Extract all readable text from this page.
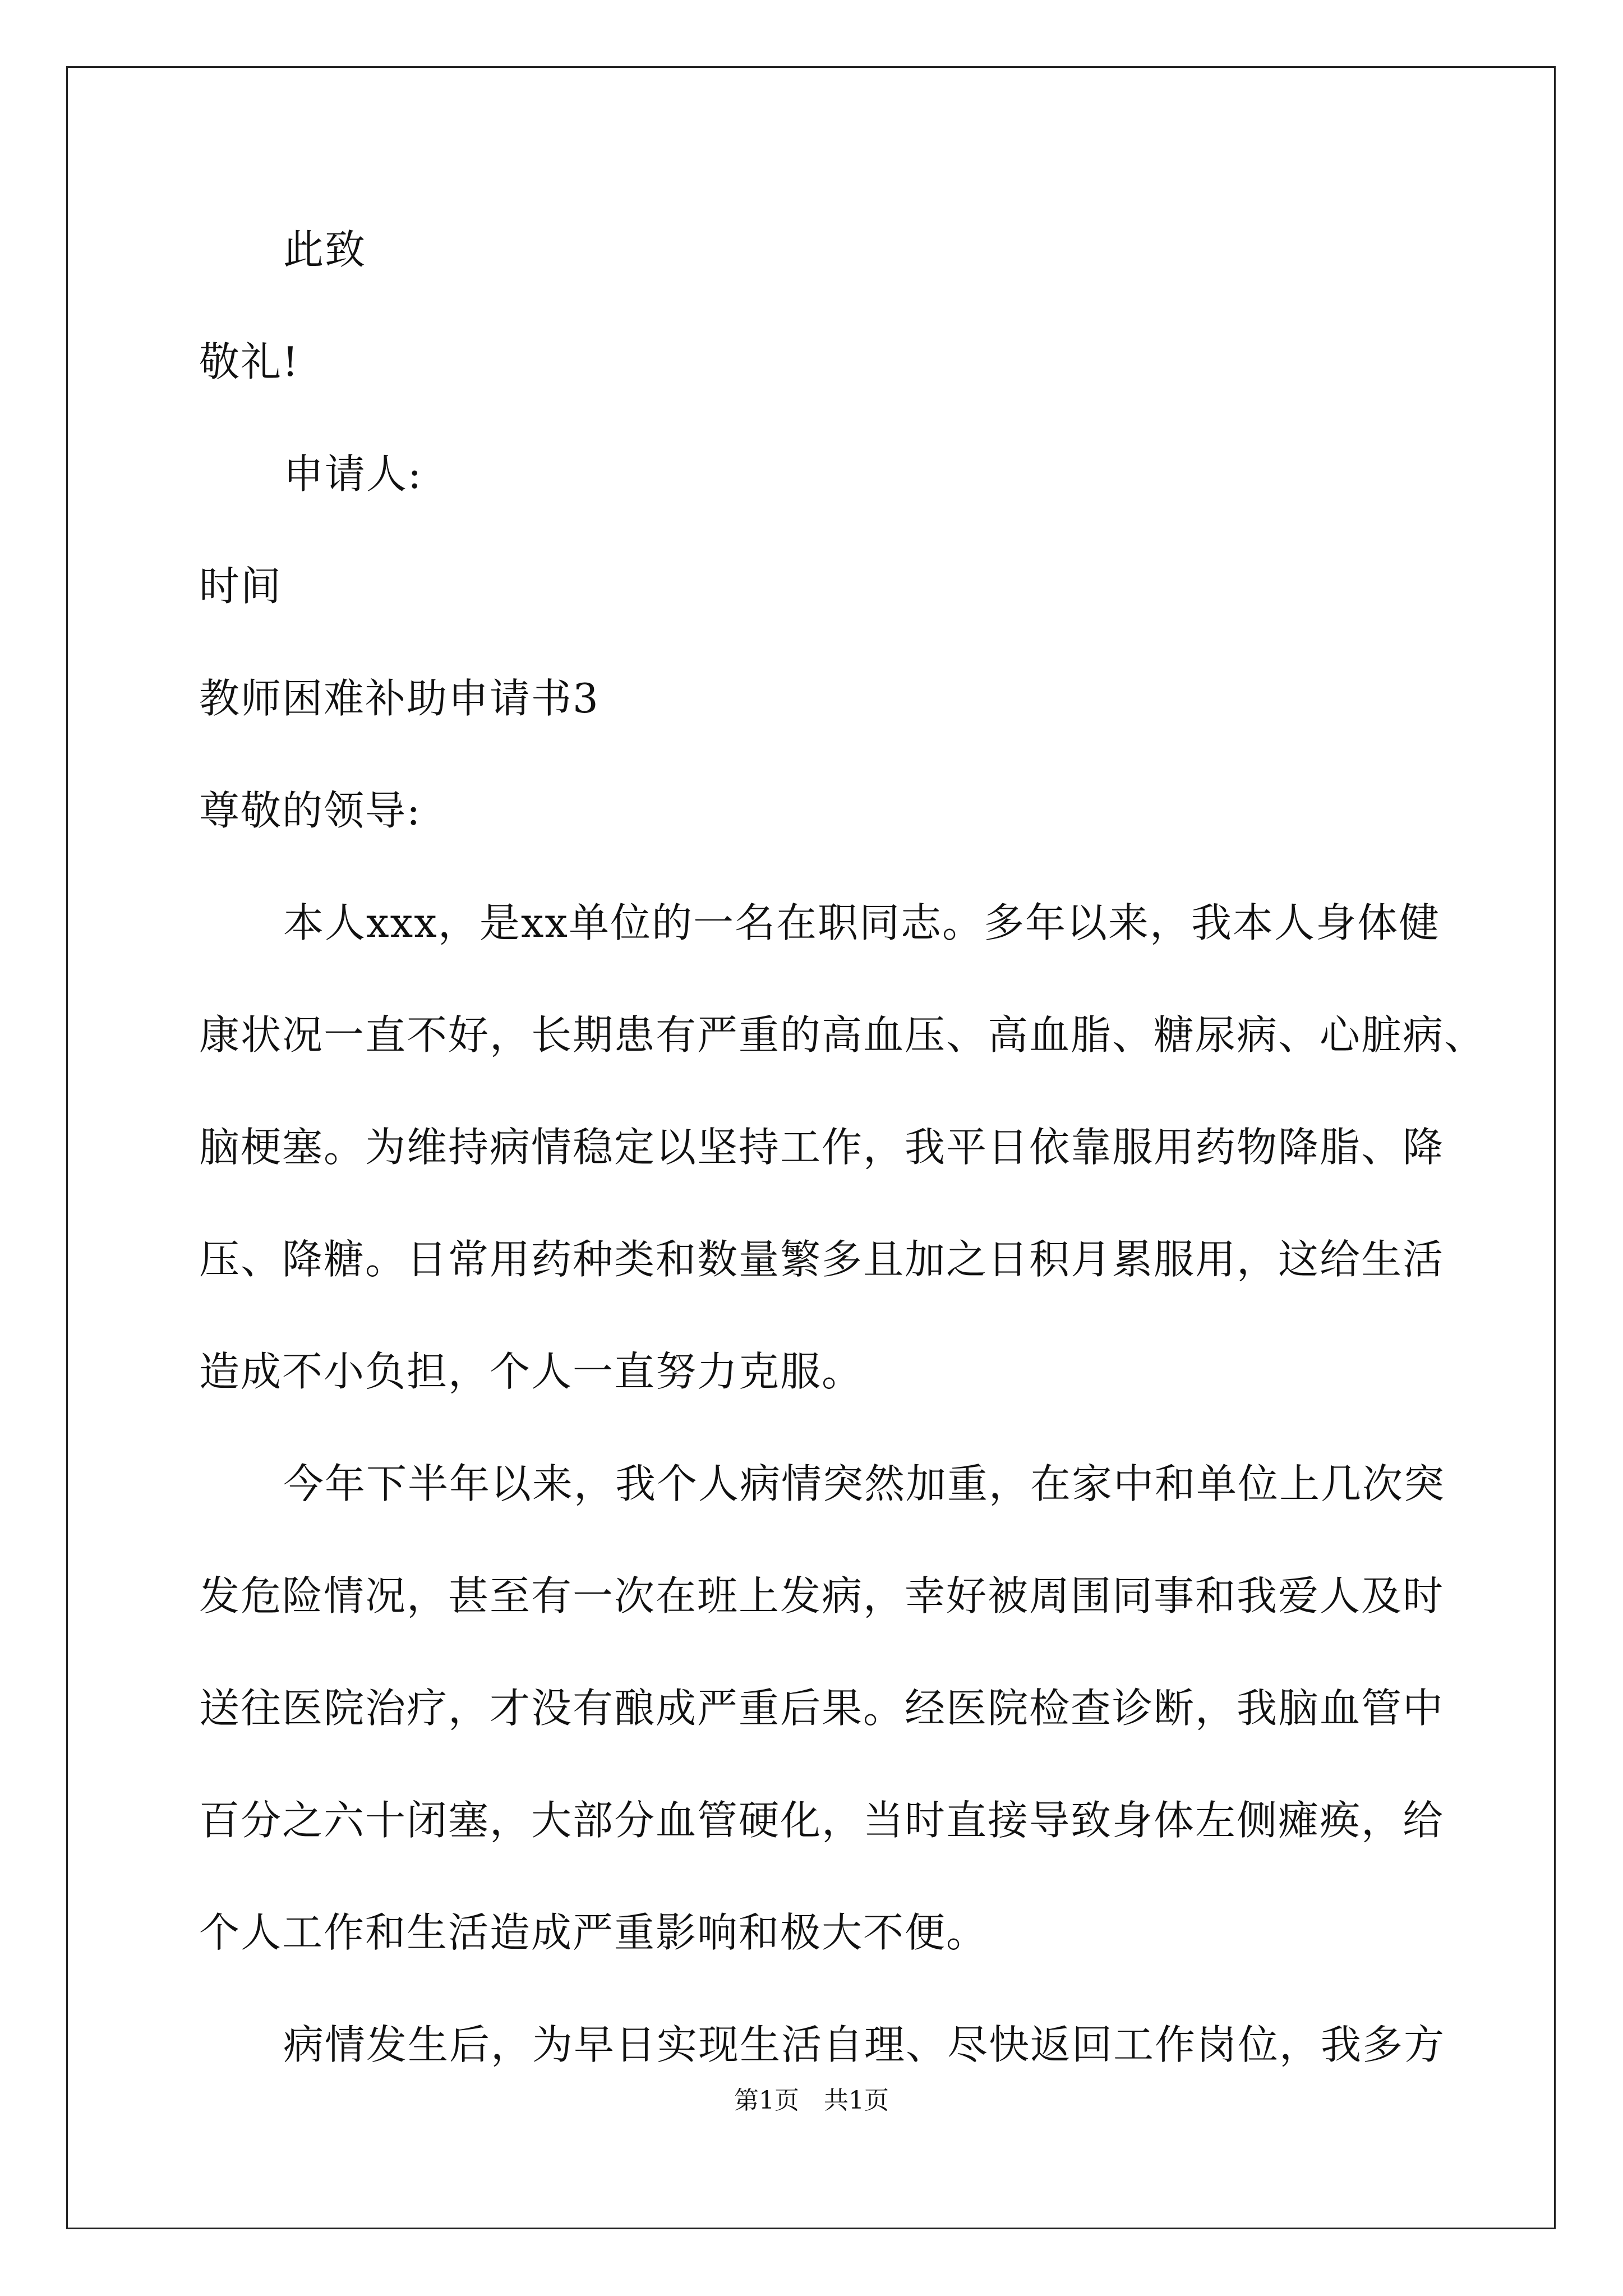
此致
敬礼!
申请人:
时间
教师困难补助申请书3
尊敬的领导:
本人xxx，是xx单位的一名在职同志。多年以来，我本人身体健
康状况一直不好，长期患有严重的高血压、高血脂、糖尿病、心脏病、
脑梗塞。为维持病情稳定以坚持工作，我平日依靠服用药物降脂、降
压、降糖。日常用药种类和数量繁多且加之日积月累服用，这给生活
造成不小负担，个人一直努力克服。
今年下半年以来，我个人病情突然加重，在家中和单位上几次突
发危险情况，甚至有一次在班上发病，幸好被周围同事和我爱人及时
送往医院治疗，才没有酿成严重后果。经医院检查诊断，我脑血管中
百分之六十闭塞，大部分血管硬化，当时直接导致身体左侧瘫痪，给
个人工作和生活造成严重影响和极大不便。
病情发生后，为早日实现生活自理、尽快返回工作岗位，我多方
第1页 共1页
